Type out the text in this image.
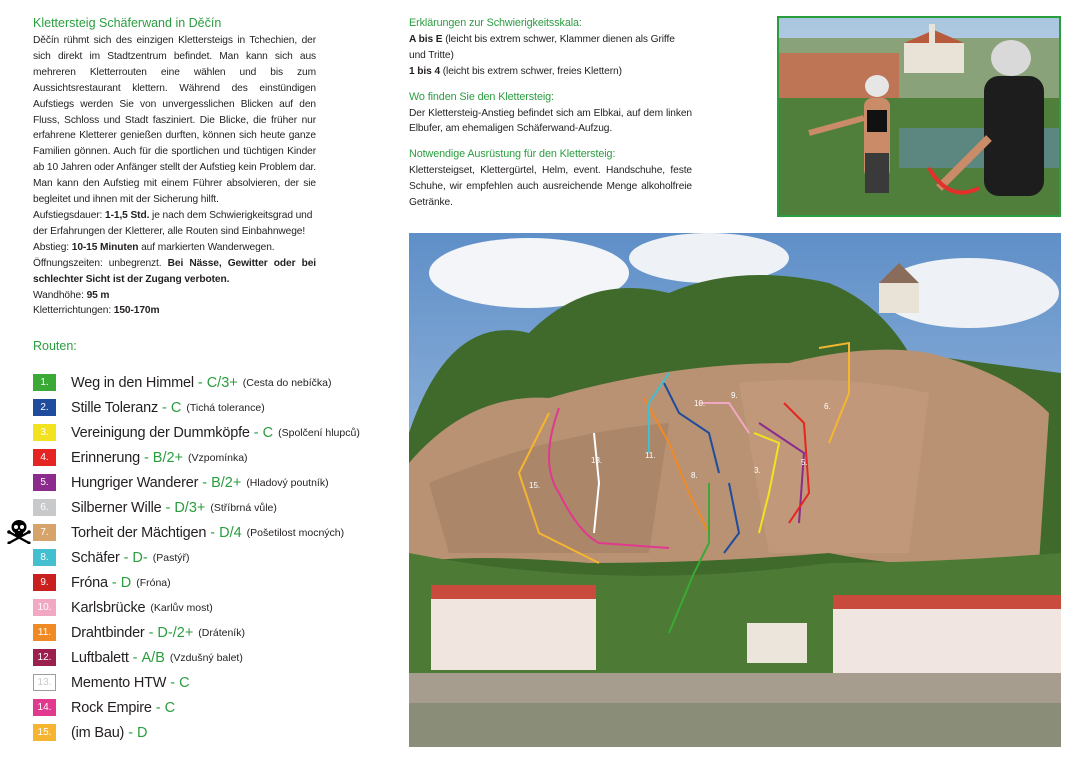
Klettersteig Schäferwand in Děčín
Děčín rühmt sich des einzigen Klettersteigs in Tchechien, der sich direkt im Stadtzentrum befindet. Man kann sich aus mehreren Kletterrouten eine wählen und bis zum Aussichtsrestaurant klettern. Während des einstündigen Aufstiegs werden Sie von unvergesslichen Blicken auf den Fluss, Schloss und Stadt fasziniert. Die Blicke, die früher nur erfahrene Kletterer genießen durften, können sich heute ganze Familien gönnen. Auch für die sportlichen und tüchtigen Kinder ab 10 Jahren oder Anfänger stellt der Aufstieg kein Problem dar. Man kann den Aufstieg mit einem Führer absolvieren, der sie begleitet und ihnen mit der Sicherung hilft.
Aufstiegsdauer: 1-1,5 Std. je nach dem Schwierigkeitsgrad und der Erfahrungen der Kletterer, alle Routen sind Einbahnwege!
Abstieg: 10-15 Minuten auf markierten Wanderwegen.
Öffnungszeiten: unbegrenzt. Bei Nässe, Gewitter oder bei schlechter Sicht ist der Zugang verboten.
Wandhöhe: 95 m
Kletterrichtungen: 150-170m
Routen:
1.	Weg in den Himmel - C/3+ (Cesta do nebíčka)
2.	Stille Toleranz - C (Tichá tolerance)
3.	Vereinigung der Dummköpfe - C (Spolčení hlupců)
4.	Erinnerung - B/2+ (Vzpomínka)
5.	Hungriger Wanderer - B/2+ (Hladový poutník)
6.	Silberner Wille - D/3+ (Stříbrná vůle)
7.	Torheit der Mächtigen - D/4 (Pošetilost mocných)
8.	Schäfer - D- (Pastýř)
9.	Fróna - D (Fróna)
10.	Karlsbrücke (Karlův most)
11.	Drahtbinder - D-/2+ (Dráteník)
12.	Luftbalett - A/B (Vzdušný balet)
13.	Memento HTW - C
14.	Rock Empire - C
15.	(im Bau) - D
Erklärungen zur Schwierigkeitsskala:
A bis E (leicht bis extrem schwer, Klammer dienen als Griffe und Tritte)
1 bis 4 (leicht bis extrem schwer, freies Klettern)
Wo finden Sie den Klettersteig:
Der Klettersteig-Anstieg befindet sich am Elbkai, auf dem linken Elbufer, am ehemaligen Schäferwand-Aufzug.
Notwendige Ausrüstung für den Klettersteig:
Klettersteigset, Klettergürtel, Helm, event. Handschuhe, feste Schuhe, wir empfehlen auch ausreichende Menge alkoholfreie Getränke.
15.
13.
10.	6.
3.
8.
11.
9.
5.
